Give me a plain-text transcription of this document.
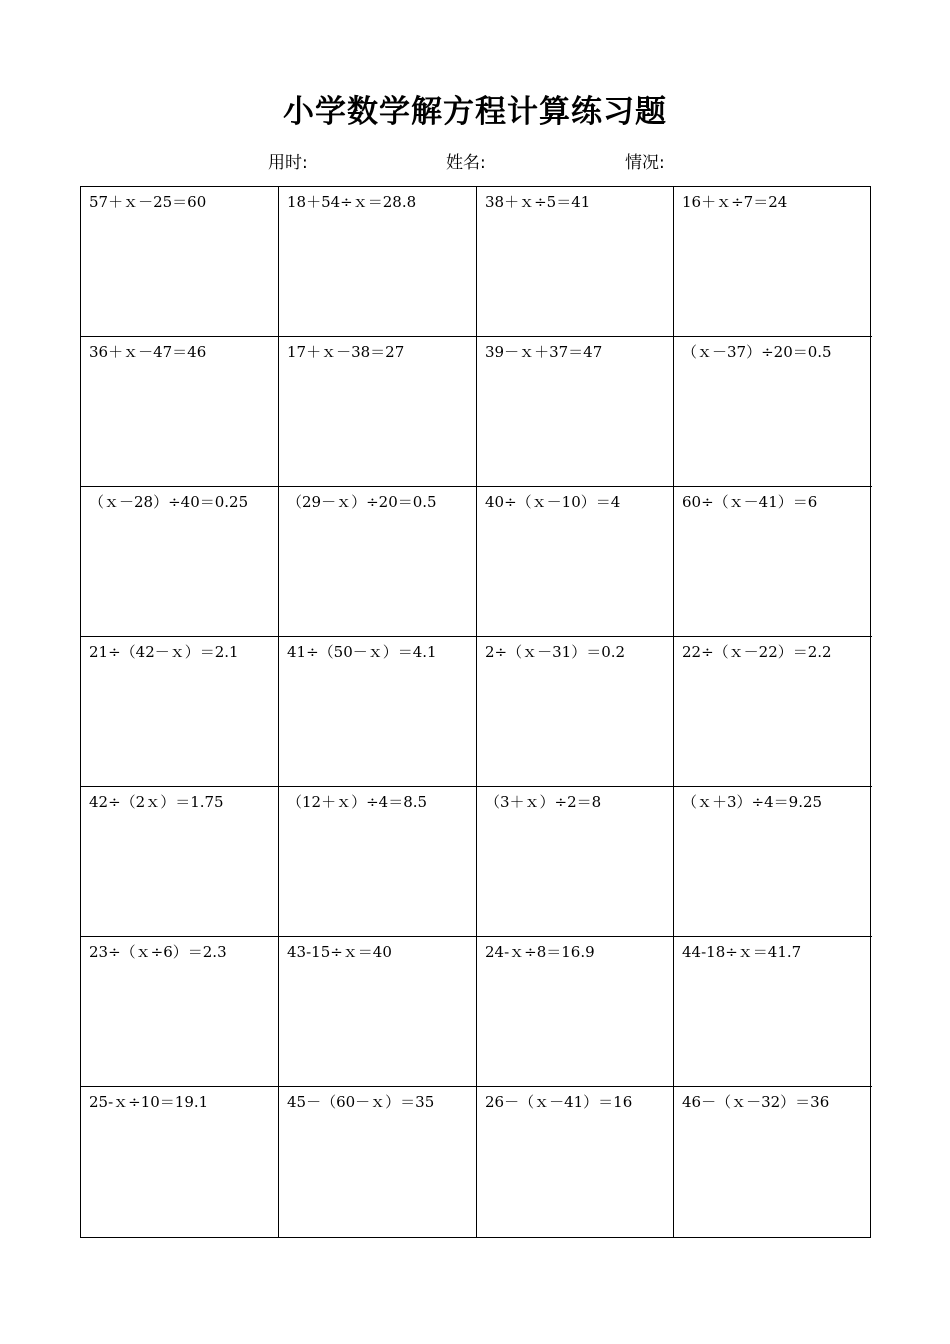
小学数学解方程计算练习题
用时:	姓名:	情况:
57＋ｘ－25＝60	18＋54÷ｘ＝28.8	38＋ｘ÷5＝41	16＋ｘ÷7＝24
36＋ｘ－47＝46	17＋ｘ－38＝27	39－ｘ＋37＝47	（ｘ－37）÷20＝0.5
（ｘ－28）÷40＝0.25	（29－ｘ）÷20＝0.5	40÷（ｘ－10）＝4	60÷（ｘ－41）＝6
21÷（42－ｘ）＝2.1	41÷（50－ｘ）＝4.1	2÷（ｘ－31）＝0.2	22÷（ｘ－22）＝2.2
42÷（2ｘ）＝1.75	（12＋ｘ）÷4＝8.5	（3＋ｘ）÷2＝8	（ｘ＋3）÷4＝9.25
23÷（ｘ÷6）＝2.3	43-15÷ｘ＝40	24-ｘ÷8＝16.9	44-18÷ｘ＝41.7
25-ｘ÷10＝19.1	45－（60－ｘ）＝35	26－（ｘ－41）＝16	46－（ｘ－32）＝36
